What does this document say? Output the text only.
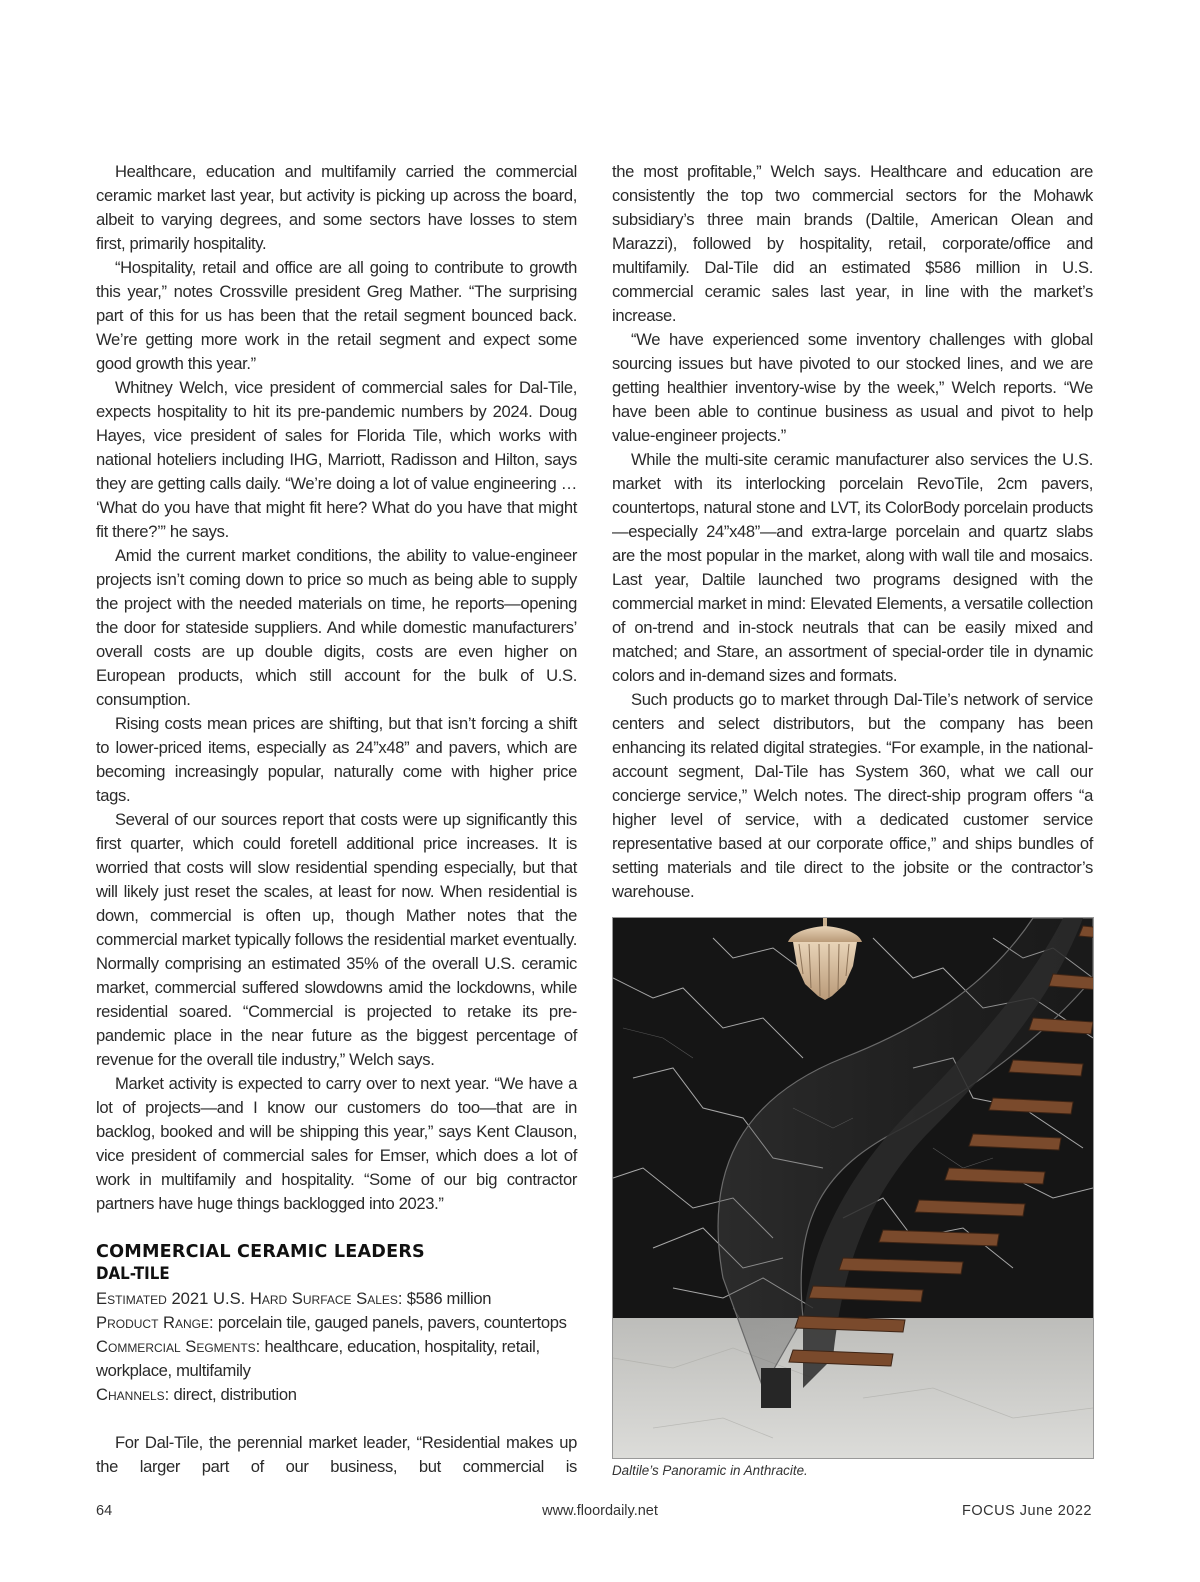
Healthcare, education and multifamily carried the commercial ceramic market last year, but activity is picking up across the board, albeit to varying degrees, and some sectors have losses to stem first, primarily hospitality.

“Hospitality, retail and office are all going to contribute to growth this year,” notes Crossville president Greg Mather. “The surprising part of this for us has been that the retail segment bounced back. We’re getting more work in the retail segment and expect some good growth this year.”

Whitney Welch, vice president of commercial sales for Dal-Tile, expects hospitality to hit its pre-pandemic numbers by 2024. Doug Hayes, vice president of sales for Florida Tile, which works with national hoteliers including IHG, Marriott, Radisson and Hilton, says they are getting calls daily. “We’re doing a lot of value engineering … ‘What do you have that might fit here? What do you have that might fit there?’” he says.

Amid the current market conditions, the ability to value-engineer projects isn’t coming down to price so much as being able to supply the project with the needed materials on time, he reports—opening the door for stateside suppliers. And while domestic manufacturers’ overall costs are up double digits, costs are even higher on European products, which still account for the bulk of U.S. consumption.

Rising costs mean prices are shifting, but that isn’t forcing a shift to lower-priced items, especially as 24”x48” and pavers, which are becoming increasingly popular, naturally come with higher price tags.

Several of our sources report that costs were up significantly this first quarter, which could foretell additional price increases. It is worried that costs will slow residential spending especially, but that will likely just reset the scales, at least for now. When residential is down, commercial is often up, though Mather notes that the commercial market typically follows the residential market eventually. Normally comprising an estimated 35% of the overall U.S. ceramic market, commercial suffered slowdowns amid the lockdowns, while residential soared. “Commercial is projected to retake its pre-pandemic place in the near future as the biggest percentage of revenue for the overall tile industry,” Welch says.

Market activity is expected to carry over to next year. “We have a lot of projects—and I know our customers do too—that are in backlog, booked and will be shipping this year,” says Kent Clauson, vice president of commercial sales for Emser, which does a lot of work in multifamily and hospitality. “Some of our big contractor partners have huge things backlogged into 2023.”

COMMERCIAL CERAMIC LEADERS
DAL-TILE
Estimated 2021 U.S. Hard Surface Sales: $586 million
Product Range: porcelain tile, gauged panels, pavers, countertops
Commercial Segments: healthcare, education, hospitality, retail, workplace, multifamily
Channels: direct, distribution

For Dal-Tile, the perennial market leader, “Residential makes up the larger part of our business, but commercial is

the most profitable,” Welch says. Healthcare and education are consistently the top two commercial sectors for the Mohawk subsidiary’s three main brands (Daltile, American Olean and Marazzi), followed by hospitality, retail, corporate/office and multifamily. Dal-Tile did an estimated $586 million in U.S. commercial ceramic sales last year, in line with the market’s increase.

“We have experienced some inventory challenges with global sourcing issues but have pivoted to our stocked lines, and we are getting healthier inventory-wise by the week,” Welch reports. “We have been able to continue business as usual and pivot to help value-engineer projects.”

While the multi-site ceramic manufacturer also services the U.S. market with its interlocking porcelain RevoTile, 2cm pavers, countertops, natural stone and LVT, its ColorBody porcelain products—especially 24”x48”—and extra-large porcelain and quartz slabs are the most popular in the market, along with wall tile and mosaics. Last year, Daltile launched two programs designed with the commercial market in mind: Elevated Elements, a versatile collection of on-trend and in-stock neutrals that can be easily mixed and matched; and Stare, an assortment of special-order tile in dynamic colors and in-demand sizes and formats.

Such products go to market through Dal-Tile’s network of service centers and select distributors, but the company has been enhancing its related digital strategies. “For example, in the national-account segment, Dal-Tile has System 360, what we call our concierge service,” Welch notes. The direct-ship program offers “a higher level of service, with a dedicated customer service representative based at our corporate office,” and ships bundles of setting materials and tile direct to the jobsite or the contractor’s warehouse.

Daltile’s Panoramic in Anthracite.
64	www.floordaily.net	FOCUS June 2022
